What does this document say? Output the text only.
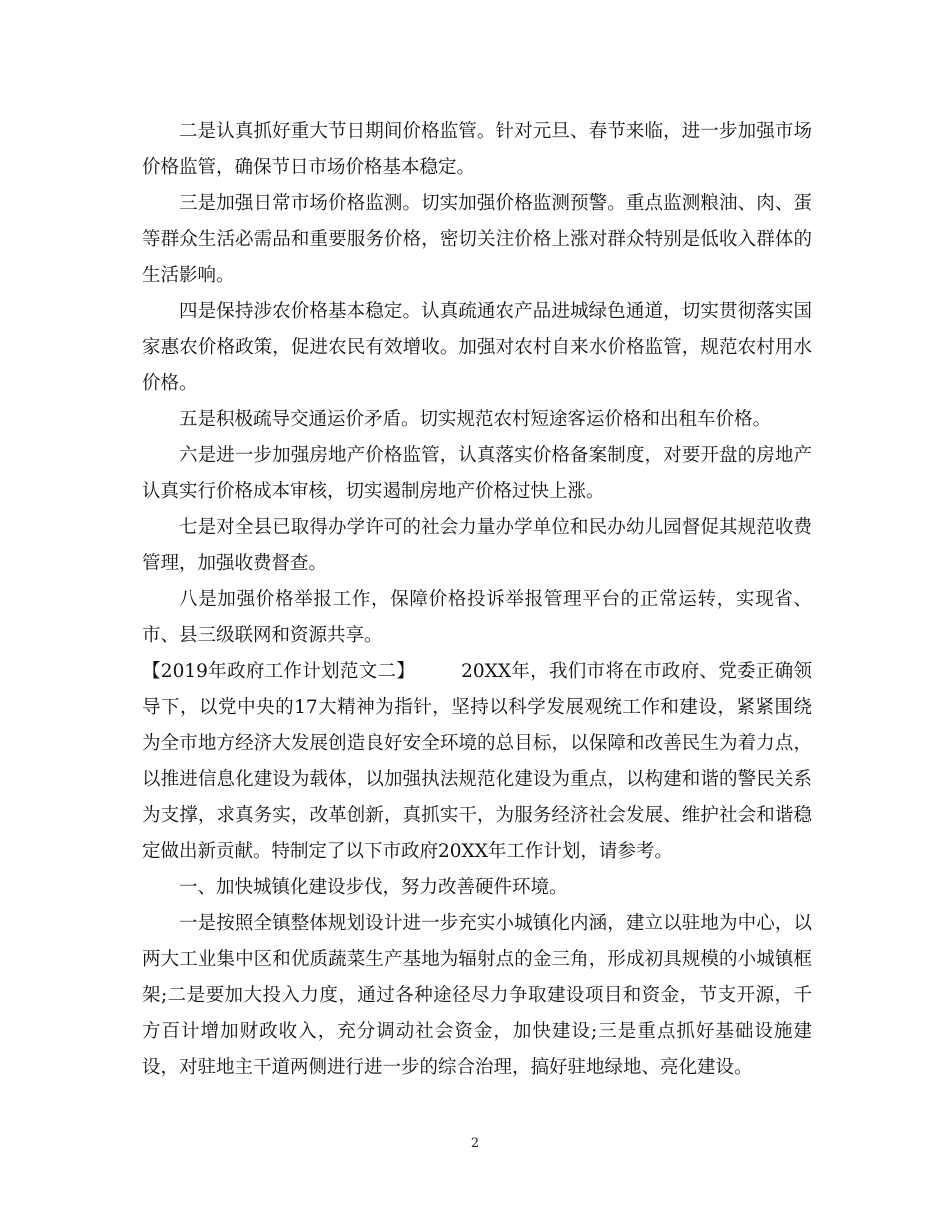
二是认真抓好重大节日期间价格监管。针对元旦、春节来临，进一步加强市场价格监管，确保节日市场价格基本稳定。

三是加强日常市场价格监测。切实加强价格监测预警。重点监测粮油、肉、蛋等群众生活必需品和重要服务价格，密切关注价格上涨对群众特别是低收入群体的生活影响。

四是保持涉农价格基本稳定。认真疏通农产品进城绿色通道，切实贯彻落实国家惠农价格政策，促进农民有效增收。加强对农村自来水价格监管，规范农村用水价格。

五是积极疏导交通运价矛盾。切实规范农村短途客运价格和出租车价格。

六是进一步加强房地产价格监管，认真落实价格备案制度，对要开盘的房地产认真实行价格成本审核，切实遏制房地产价格过快上涨。

七是对全县已取得办学许可的社会力量办学单位和民办幼儿园督促其规范收费管理，加强收费督查。

八是加强价格举报工作，保障价格投诉举报管理平台的正常运转，实现省、市、县三级联网和资源共享。

【2019年政府工作计划范文二】 20XX年，我们市将在市政府、党委正确领导下，以党中央的17大精神为指针，坚持以科学发展观统工作和建设，紧紧围绕为全市地方经济大发展创造良好安全环境的总目标，以保障和改善民生为着力点，以推进信息化建设为载体，以加强执法规范化建设为重点，以构建和谐的警民关系为支撑，求真务实，改革创新，真抓实干，为服务经济社会发展、维护社会和谐稳定做出新贡献。特制定了以下市政府20XX年工作计划，请参考。

一、加快城镇化建设步伐，努力改善硬件环境。

一是按照全镇整体规划设计进一步充实小城镇化内涵，建立以驻地为中心，以两大工业集中区和优质蔬菜生产基地为辐射点的金三角，形成初具规模的小城镇框架;二是要加大投入力度，通过各种途径尽力争取建设项目和资金，节支开源，千方百计增加财政收入，充分调动社会资金，加快建设;三是重点抓好基础设施建设，对驻地主干道两侧进行进一步的综合治理，搞好驻地绿地、亮化建设。

2
